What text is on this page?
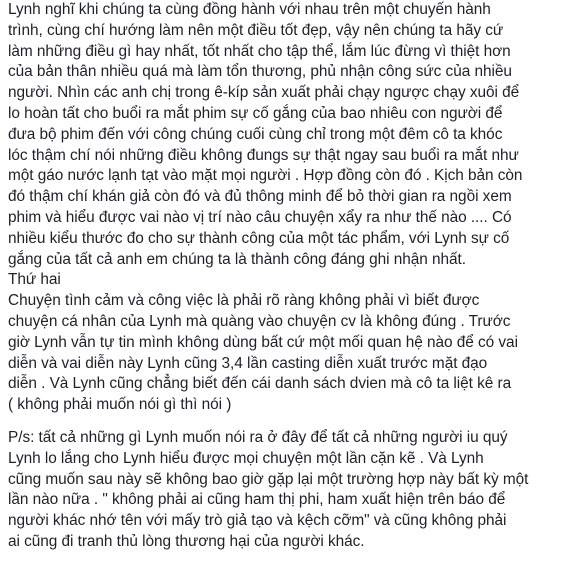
Lynh nghĩ khi chúng ta cùng đồng hành với nhau trên một chuyến hành
trình, cùng chí hướng làm nên một điều tốt đẹp, vậy nên chúng ta hãy cứ
làm những điều gì hay nhất, tốt nhất cho tập thể, lắm lúc đừng vì thiệt hơn
của bản thân nhiều quá mà làm tổn thương, phủ nhận công sức của nhiều
người. Nhìn các anh chị trong ê-kíp sản xuất phải chạy ngược chạy xuôi để
lo hoàn tất cho buổi ra mắt phim sự cố gắng của bao nhiêu con người để
đưa bộ phim đến với công chúng cuối cùng chỉ trong một đêm cô ta khóc
lóc thậm chí nói những điều không đungs sự thật ngay sau buổi ra mắt như
một gáo nước lạnh tạt vào mặt mọi người . Hợp đồng còn đó . Kịch bản còn
đó thậm chí khán giả còn đó và đủ thông minh để bỏ thời gian ra ngồi xem
phim và hiểu được vai nào vị trí nào câu chuyện xẩy ra như thế nào .... Có
nhiều kiểu thước đo cho sự thành công của một tác phẩm, với Lynh sự cố
gắng của tất cả anh em chúng ta là thành công đáng ghi nhận nhất.
Thứ hai
Chuyện tình cảm và công việc là phải rõ ràng không phải vì biết được
chuyện cá nhân của Lynh mà quàng vào chuyện cv là không đúng . Trước
giờ Lynh vẫn tự tin mình không dùng bất cứ một mối quan hệ nào để có vai
diễn và vai diễn này Lynh cũng 3,4 lần casting diễn xuất trước mặt đạo
diễn . Và Lynh cũng chẳng biết đến cái danh sách dvien mà cô ta liệt kê ra
( không phải muốn nói gì thì nói )
P/s: tất cả những gì Lynh muốn nói ra ở đây để tất cả những người iu quý
Lynh lo lắng cho Lynh hiểu được mọi chuyện một lần cặn kẽ . Và Lynh
cũng muốn sau này sẽ không bao giờ gặp lại một trường hợp này bất kỳ một
lần nào nữa . " không phải ai cũng ham thị phi, ham xuất hiện trên báo để
người khác nhớ tên với mấy trò giả tạo và kệch cỡm" và cũng không phải
ai cũng đi tranh thủ lòng thương hại của người khác.
